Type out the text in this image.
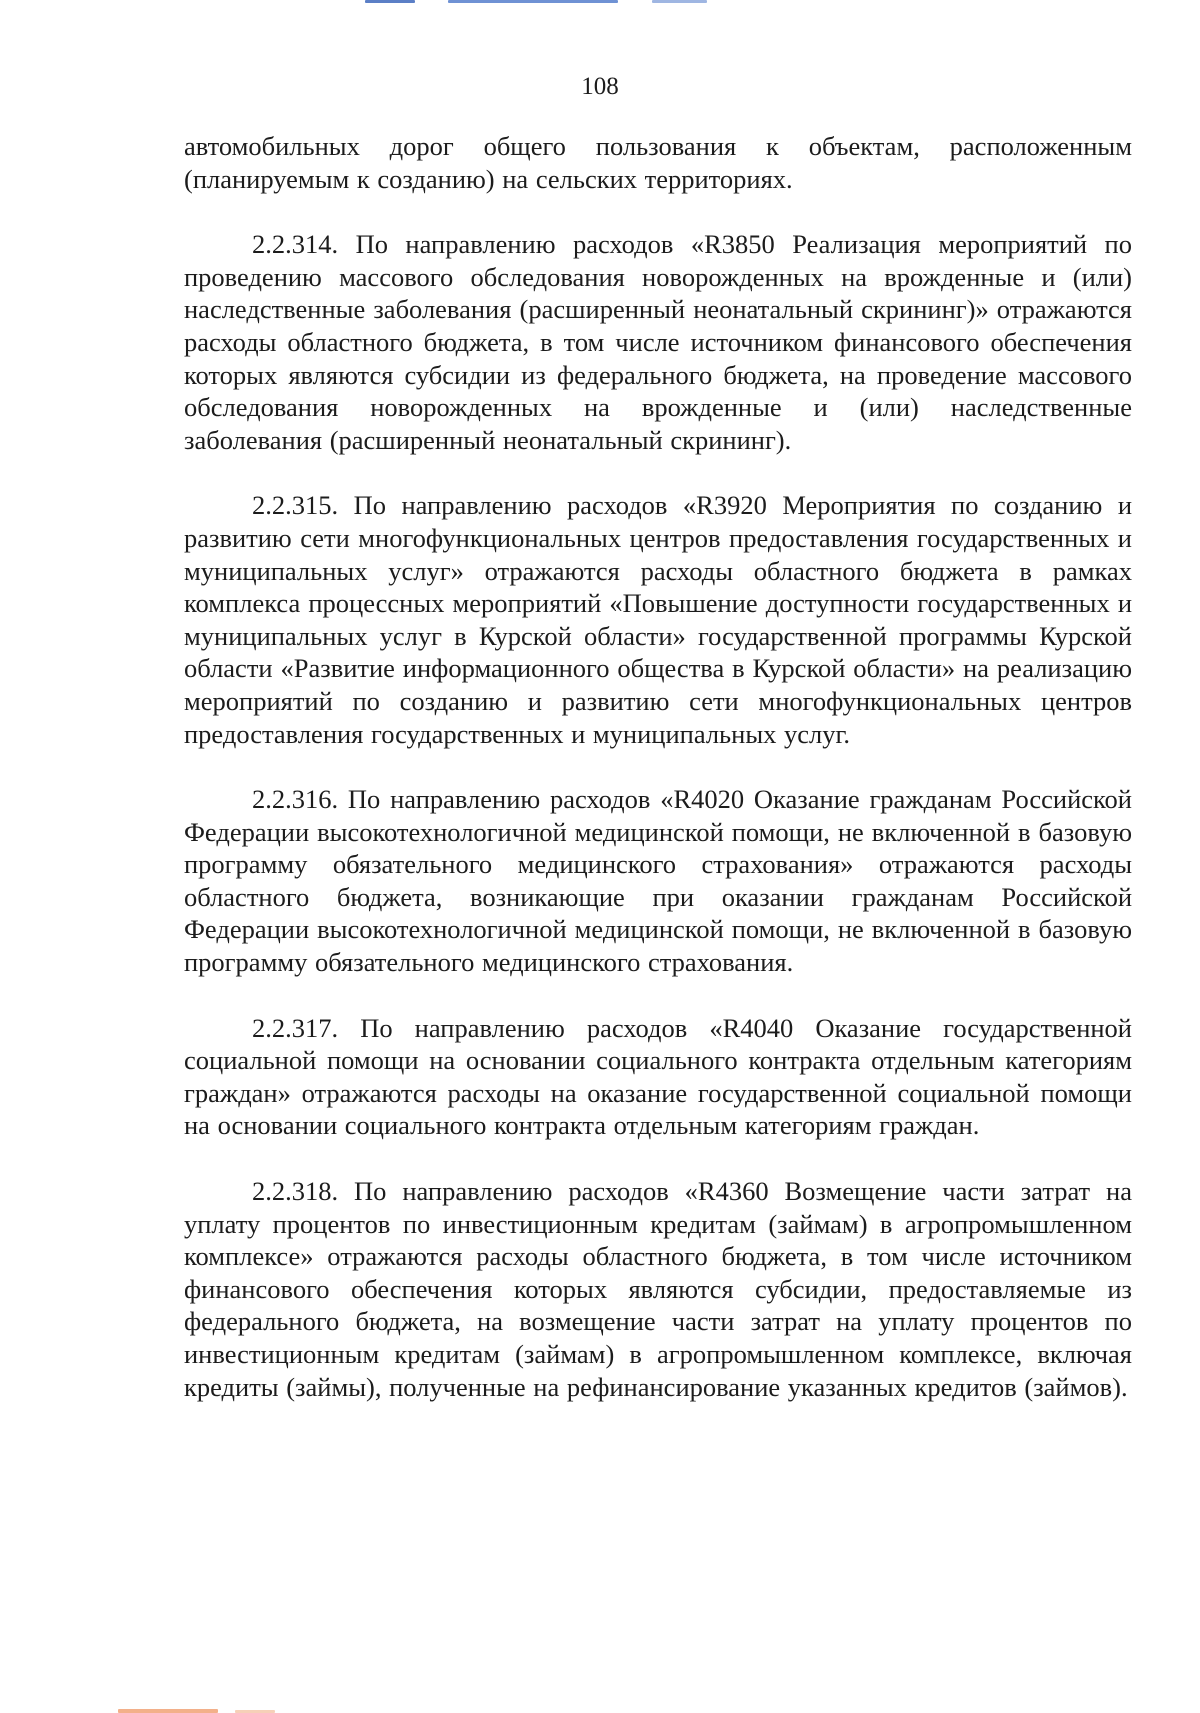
108

автомобильных дорог общего пользования к объектам, расположенным (планируемым к созданию) на сельских территориях.

2.2.314. По направлению расходов «R3850 Реализация мероприятий по проведению массового обследования новорожденных на врожденные и (или) наследственные заболевания (расширенный неонатальный скрининг)» отражаются расходы областного бюджета, в том числе источником финансового обеспечения которых являются субсидии из федерального бюджета, на проведение массового обследования новорожденных на врожденные и (или) наследственные заболевания (расширенный неонатальный скрининг).

2.2.315. По направлению расходов «R3920 Мероприятия по созданию и развитию сети многофункциональных центров предоставления государственных и муниципальных услуг» отражаются расходы областного бюджета в рамках комплекса процессных мероприятий «Повышение доступности государственных и муниципальных услуг в Курской области» государственной программы Курской области «Развитие информационного общества в Курской области» на реализацию мероприятий по созданию и развитию сети многофункциональных центров предоставления государственных и муниципальных услуг.

2.2.316. По направлению расходов «R4020 Оказание гражданам Российской Федерации высокотехнологичной медицинской помощи, не включенной в базовую программу обязательного медицинского страхования» отражаются расходы областного бюджета, возникающие при оказании гражданам Российской Федерации высокотехнологичной медицинской помощи, не включенной в базовую программу обязательного медицинского страхования.

2.2.317. По направлению расходов «R4040 Оказание государственной социальной помощи на основании социального контракта отдельным категориям граждан» отражаются расходы на оказание государственной социальной помощи на основании социального контракта отдельным категориям граждан.

2.2.318. По направлению расходов «R4360 Возмещение части затрат на уплату процентов по инвестиционным кредитам (займам) в агропромышленном комплексе» отражаются расходы областного бюджета, в том числе источником финансового обеспечения которых являются субсидии, предоставляемые из федерального бюджета, на возмещение части затрат на уплату процентов по инвестиционным кредитам (займам) в агропромышленном комплексе, включая кредиты (займы), полученные на рефинансирование указанных кредитов (займов).
